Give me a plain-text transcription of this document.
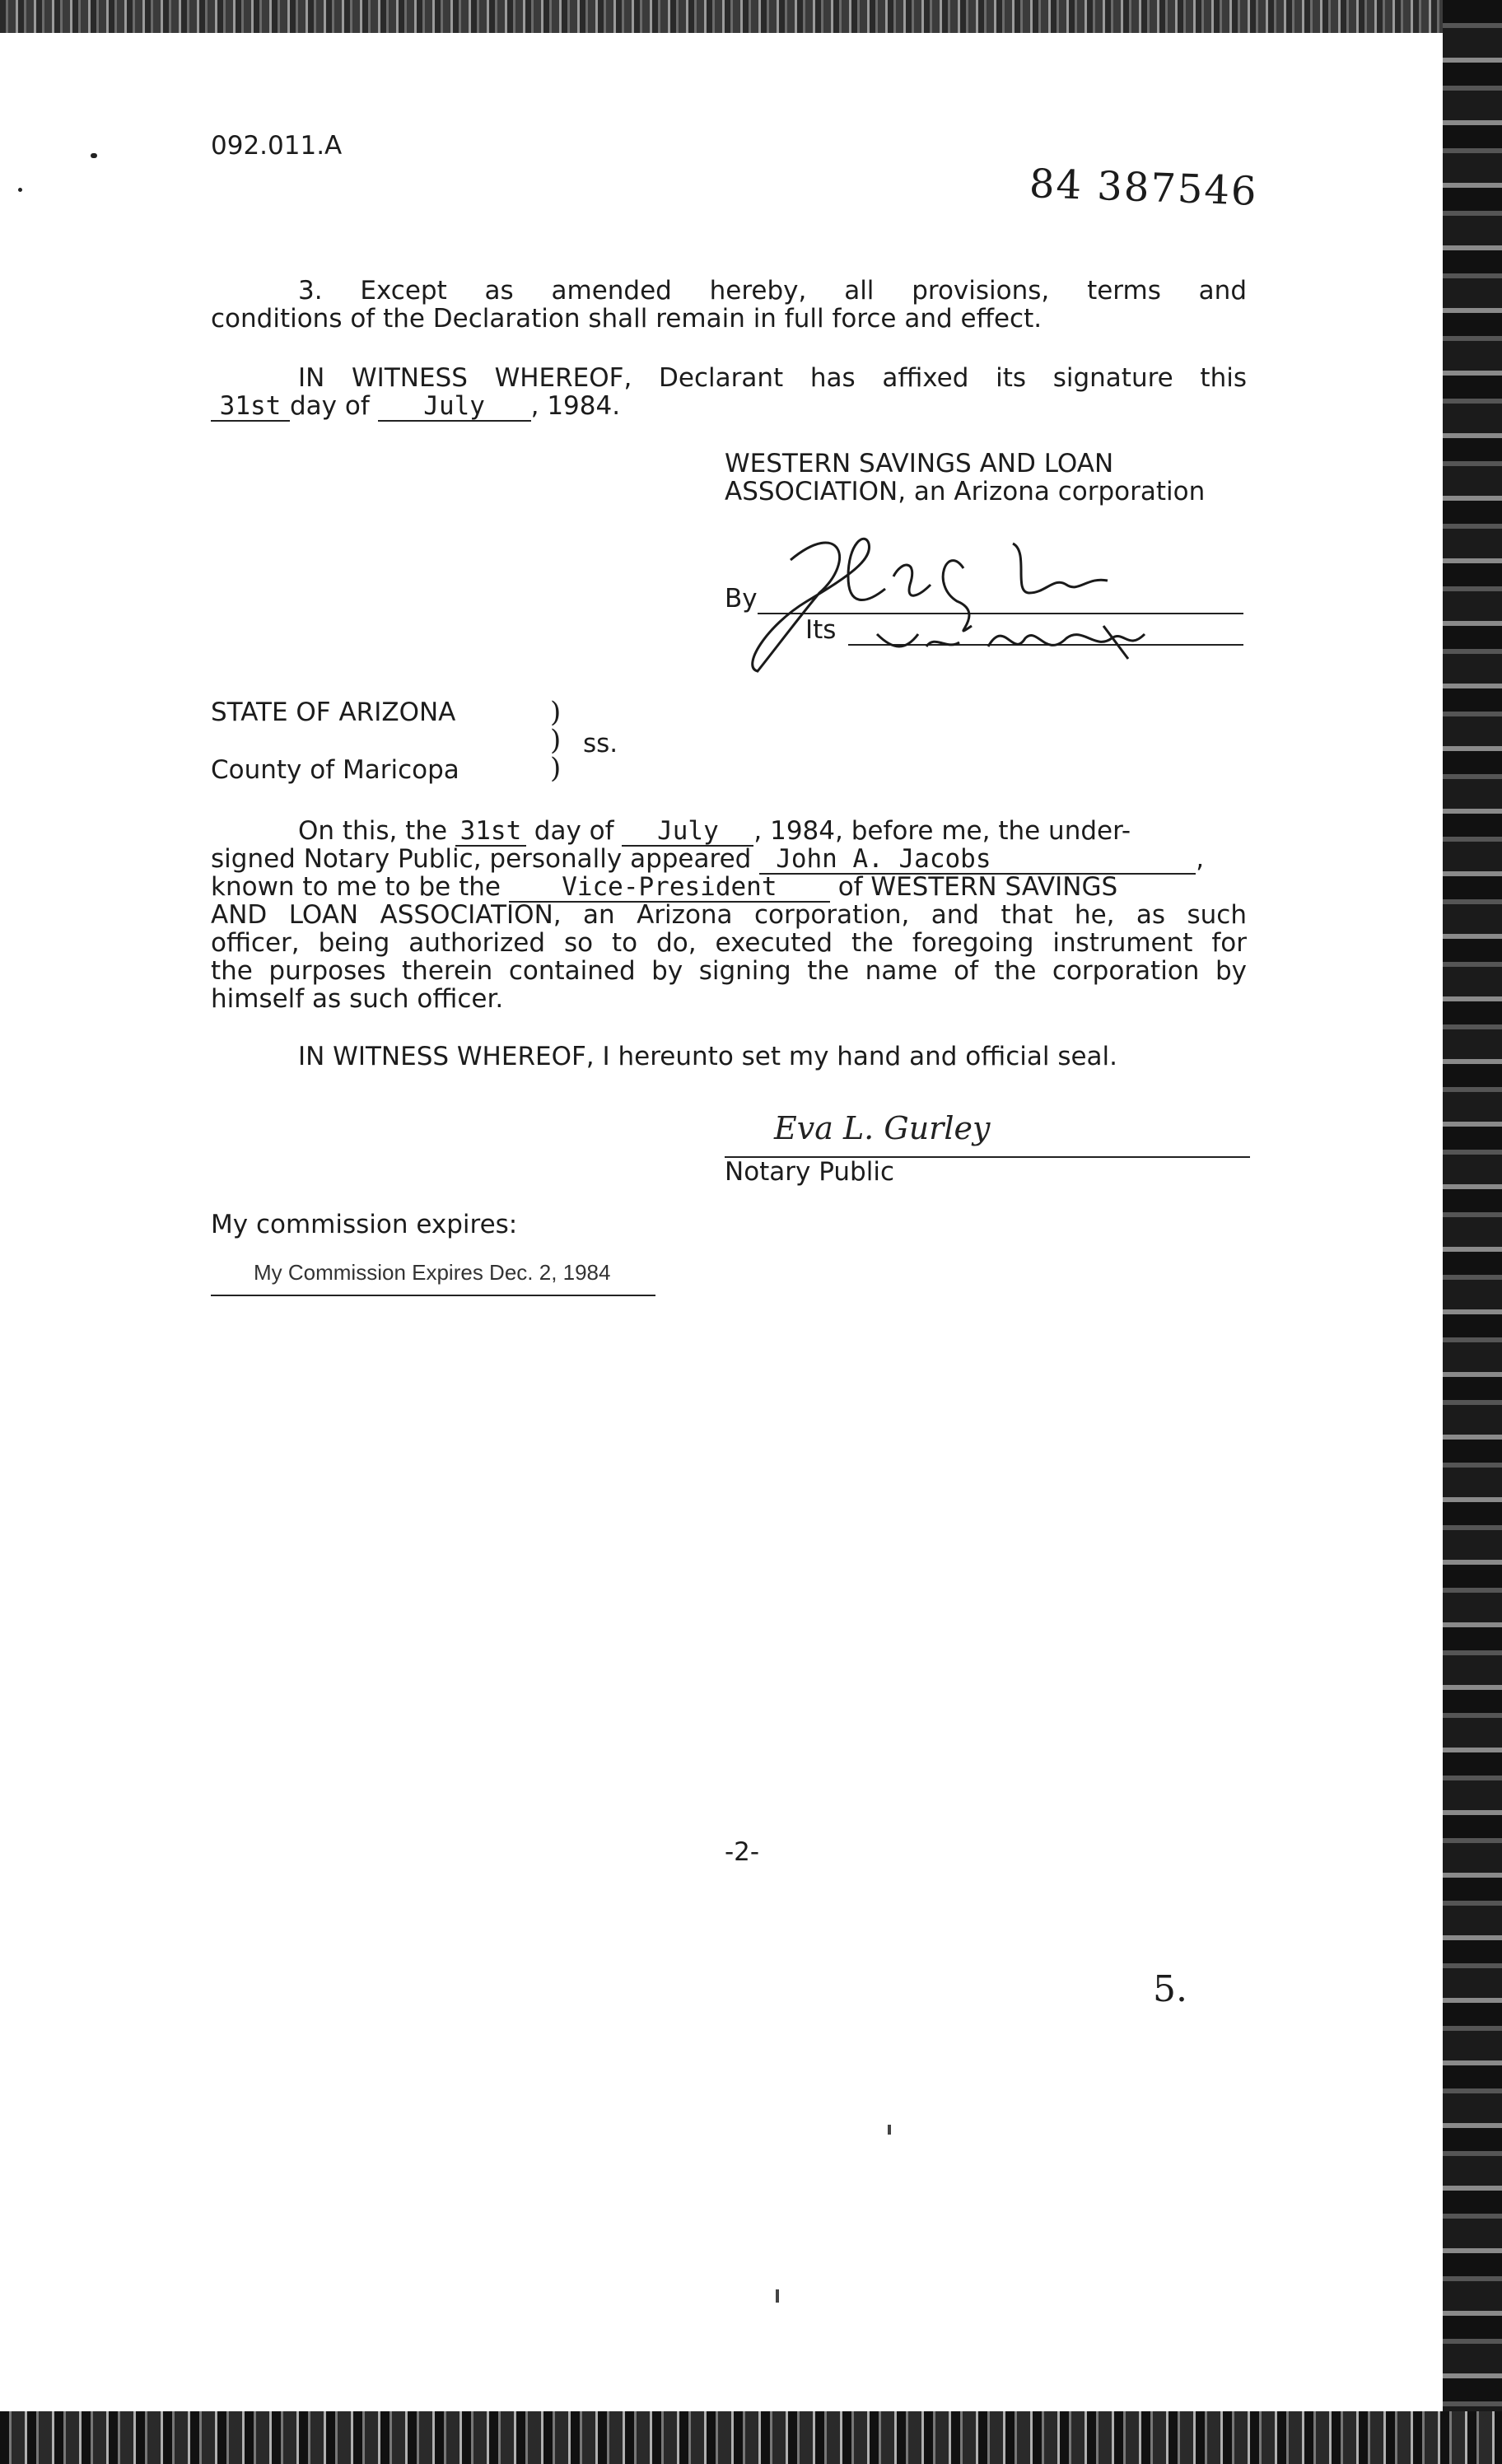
092.011.A
84 387546
3. Except as amended hereby, all provisions, terms and
conditions of the Declaration shall remain in full force and effect.
IN WITNESS WHEREOF, Declarant has affixed its signature this
31st day of July , 1984.
WESTERN SAVINGS AND LOAN
ASSOCIATION, an Arizona corporation
By
Its
STATE OF ARIZONA
County of Maricopa
)
)
)
ss.
On this, the 31st day of July , 1984, before me, the under-
signed Notary Public, personally appeared John A. Jacobs	,
known to me to be the Vice-President of WESTERN SAVINGS
AND LOAN ASSOCIATION, an Arizona corporation, and that he, as such
officer, being authorized so to do, executed the foregoing instrument for
the purposes therein contained by signing the name of the corporation by
himself as such officer.
IN WITNESS WHEREOF, I hereunto set my hand and official seal.
Eva L. Gurley
Notary Public
My commission expires:
My Commission Expires Dec. 2, 1984
-2-
5.
